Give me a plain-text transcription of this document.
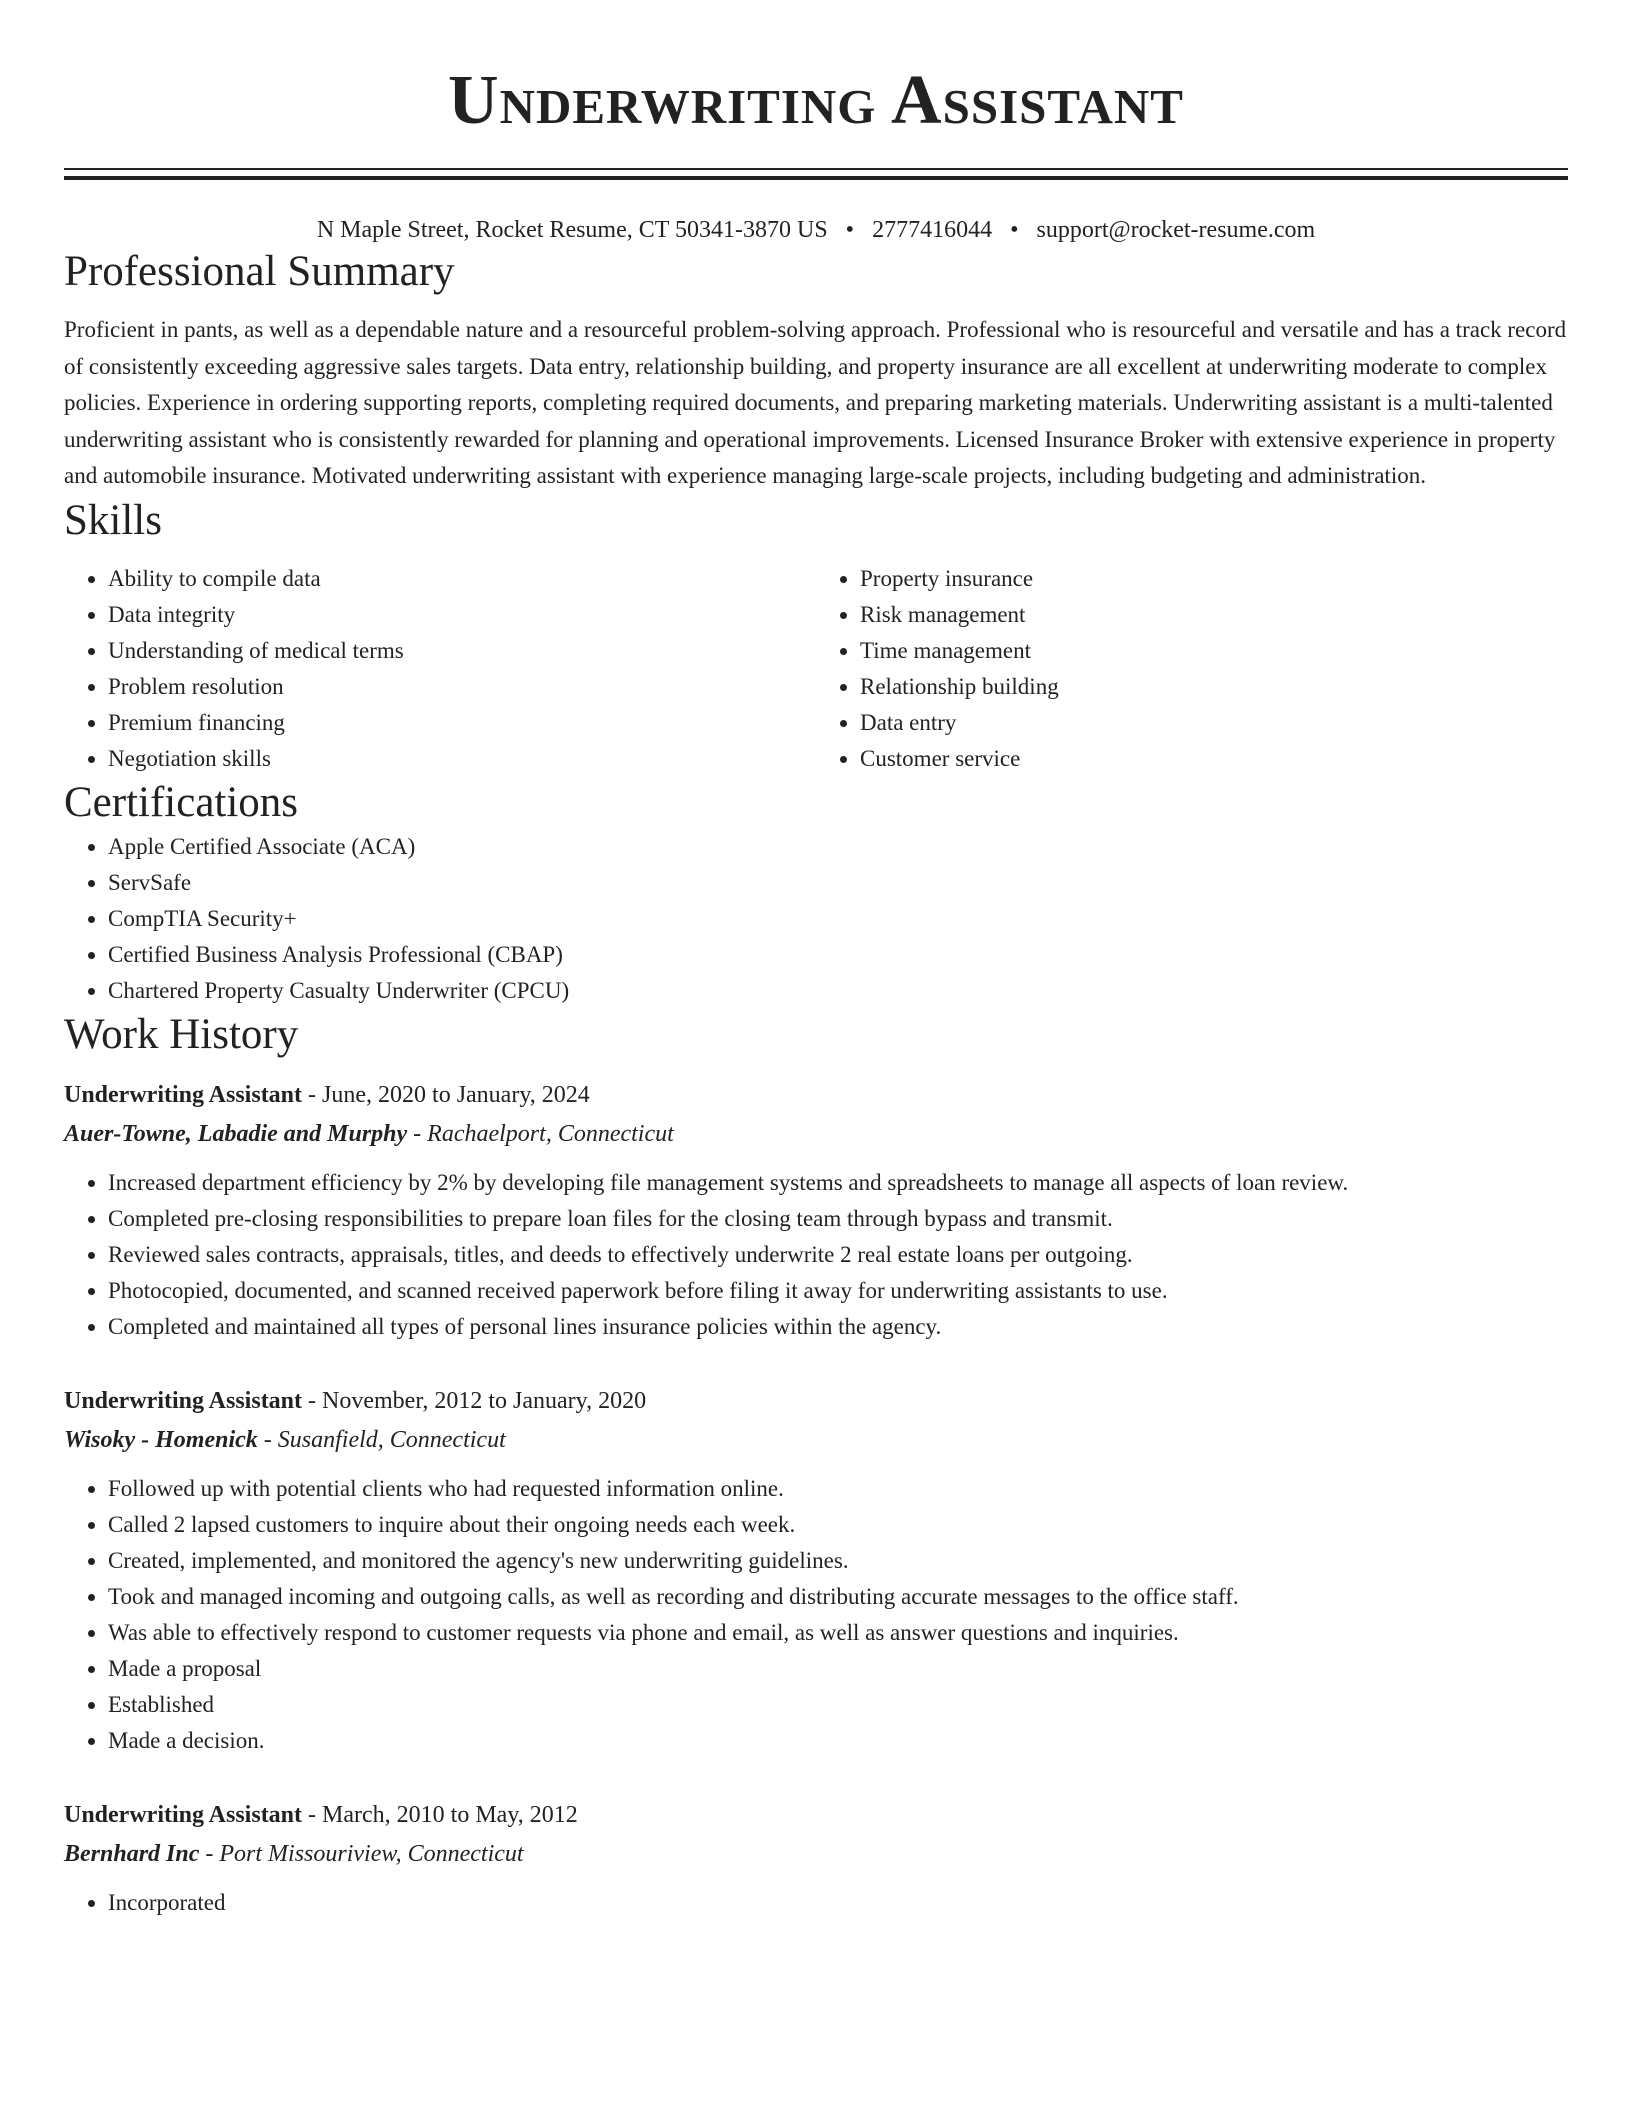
Underwriting Assistant
N Maple Street, Rocket Resume, CT 50341-3870 US • 2777416044 • support@rocket-resume.com
Professional Summary

Proficient in pants, as well as a dependable nature and a resourceful problem-solving approach. Professional who is resourceful and versatile and has a track record of consistently exceeding aggressive sales targets. Data entry, relationship building, and property insurance are all excellent at underwriting moderate to complex policies. Experience in ordering supporting reports, completing required documents, and preparing marketing materials. Underwriting assistant is a multi-talented underwriting assistant who is consistently rewarded for planning and operational improvements. Licensed Insurance Broker with extensive experience in property and automobile insurance. Motivated underwriting assistant with experience managing large-scale projects, including budgeting and administration.

Skills
• Ability to compile data
• Data integrity
• Understanding of medical terms
• Problem resolution
• Premium financing
• Negotiation skills
• Property insurance
• Risk management
• Time management
• Relationship building
• Data entry
• Customer service
Certifications
• Apple Certified Associate (ACA)
• ServSafe
• CompTIA Security+
• Certified Business Analysis Professional (CBAP)
• Chartered Property Casualty Underwriter (CPCU)
Work History
Underwriting Assistant - June, 2020 to January, 2024
Auer-Towne, Labadie and Murphy - Rachaelport, Connecticut
• Increased department efficiency by 2% by developing file management systems and spreadsheets to manage all aspects of loan review.
• Completed pre-closing responsibilities to prepare loan files for the closing team through bypass and transmit.
• Reviewed sales contracts, appraisals, titles, and deeds to effectively underwrite 2 real estate loans per outgoing.
• Photocopied, documented, and scanned received paperwork before filing it away for underwriting assistants to use.
• Completed and maintained all types of personal lines insurance policies within the agency.
Underwriting Assistant - November, 2012 to January, 2020
Wisoky - Homenick - Susanfield, Connecticut
• Followed up with potential clients who had requested information online.
• Called 2 lapsed customers to inquire about their ongoing needs each week.
• Created, implemented, and monitored the agency's new underwriting guidelines.
• Took and managed incoming and outgoing calls, as well as recording and distributing accurate messages to the office staff.
• Was able to effectively respond to customer requests via phone and email, as well as answer questions and inquiries.
• Made a proposal
• Established
• Made a decision.
Underwriting Assistant - March, 2010 to May, 2012
Bernhard Inc - Port Missouriview, Connecticut
• Incorporated
